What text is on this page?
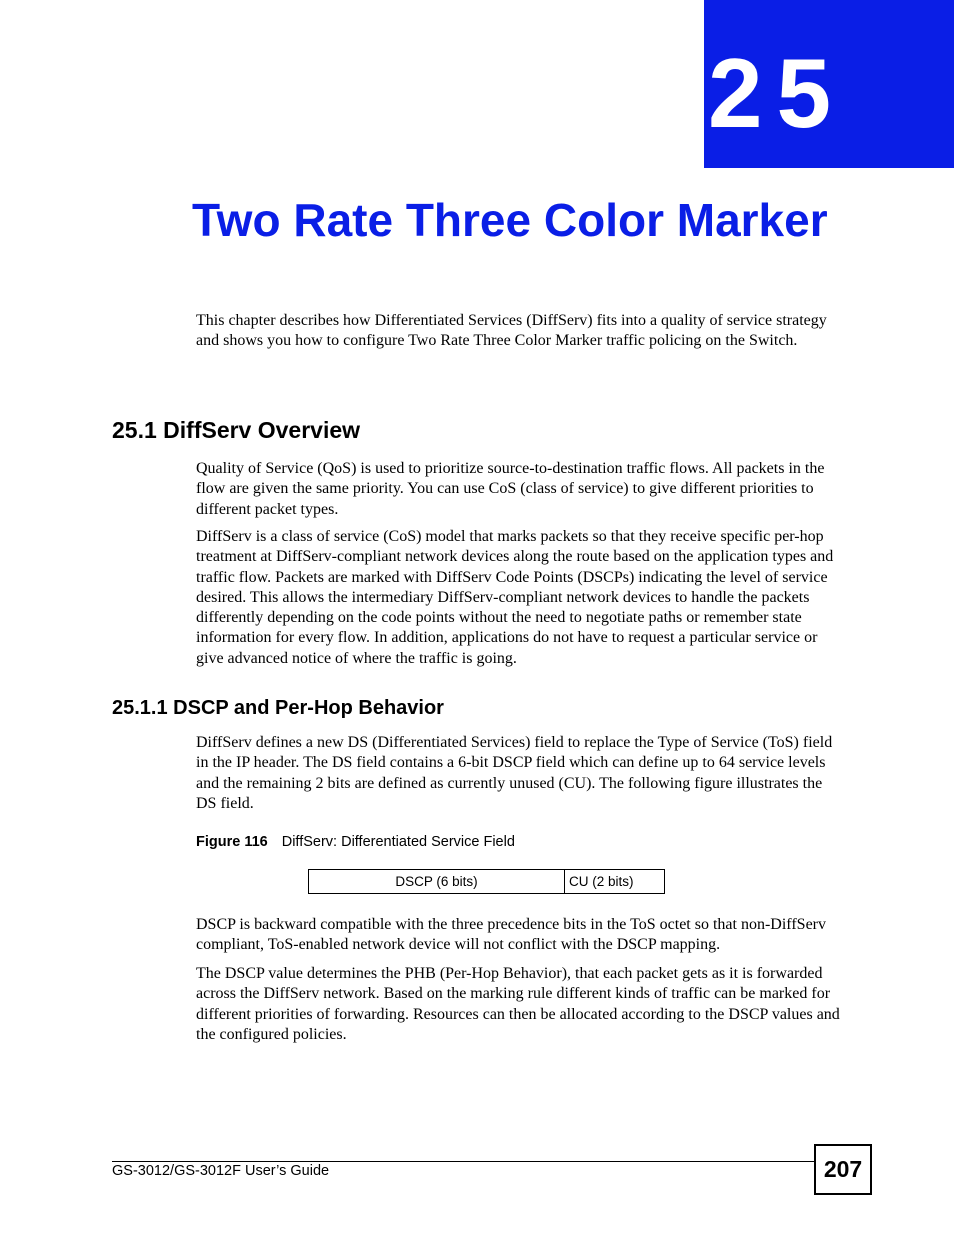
25
Two Rate Three Color Marker

This chapter describes how Differentiated Services (DiffServ) fits into a quality of service strategy and shows you how to configure Two Rate Three Color Marker traffic policing on the Switch.

25.1 DiffServ Overview

Quality of Service (QoS) is used to prioritize source-to-destination traffic flows. All packets in the flow are given the same priority. You can use CoS (class of service) to give different priorities to different packet types.

DiffServ is a class of service (CoS) model that marks packets so that they receive specific per-hop treatment at DiffServ-compliant network devices along the route based on the application types and traffic flow. Packets are marked with DiffServ Code Points (DSCPs) indicating the level of service desired. This allows the intermediary DiffServ-compliant network devices to handle the packets differently depending on the code points without the need to negotiate paths or remember state information for every flow. In addition, applications do not have to request a particular service or give advanced notice of where the traffic is going.

25.1.1 DSCP and Per-Hop Behavior

DiffServ defines a new DS (Differentiated Services) field to replace the Type of Service (ToS) field in the IP header. The DS field contains a 6-bit DSCP field which can define up to 64 service levels and the remaining 2 bits are defined as currently unused (CU). The following figure illustrates the DS field.

Figure 116 DiffServ: Differentiated Service Field
DSCP (6 bits)	CU (2 bits)

DSCP is backward compatible with the three precedence bits in the ToS octet so that non-DiffServ compliant, ToS-enabled network device will not conflict with the DSCP mapping.

The DSCP value determines the PHB (Per-Hop Behavior), that each packet gets as it is forwarded across the DiffServ network. Based on the marking rule different kinds of traffic can be marked for different priorities of forwarding. Resources can then be allocated according to the DSCP values and the configured policies.

GS-3012/GS-3012F User’s Guide	207
